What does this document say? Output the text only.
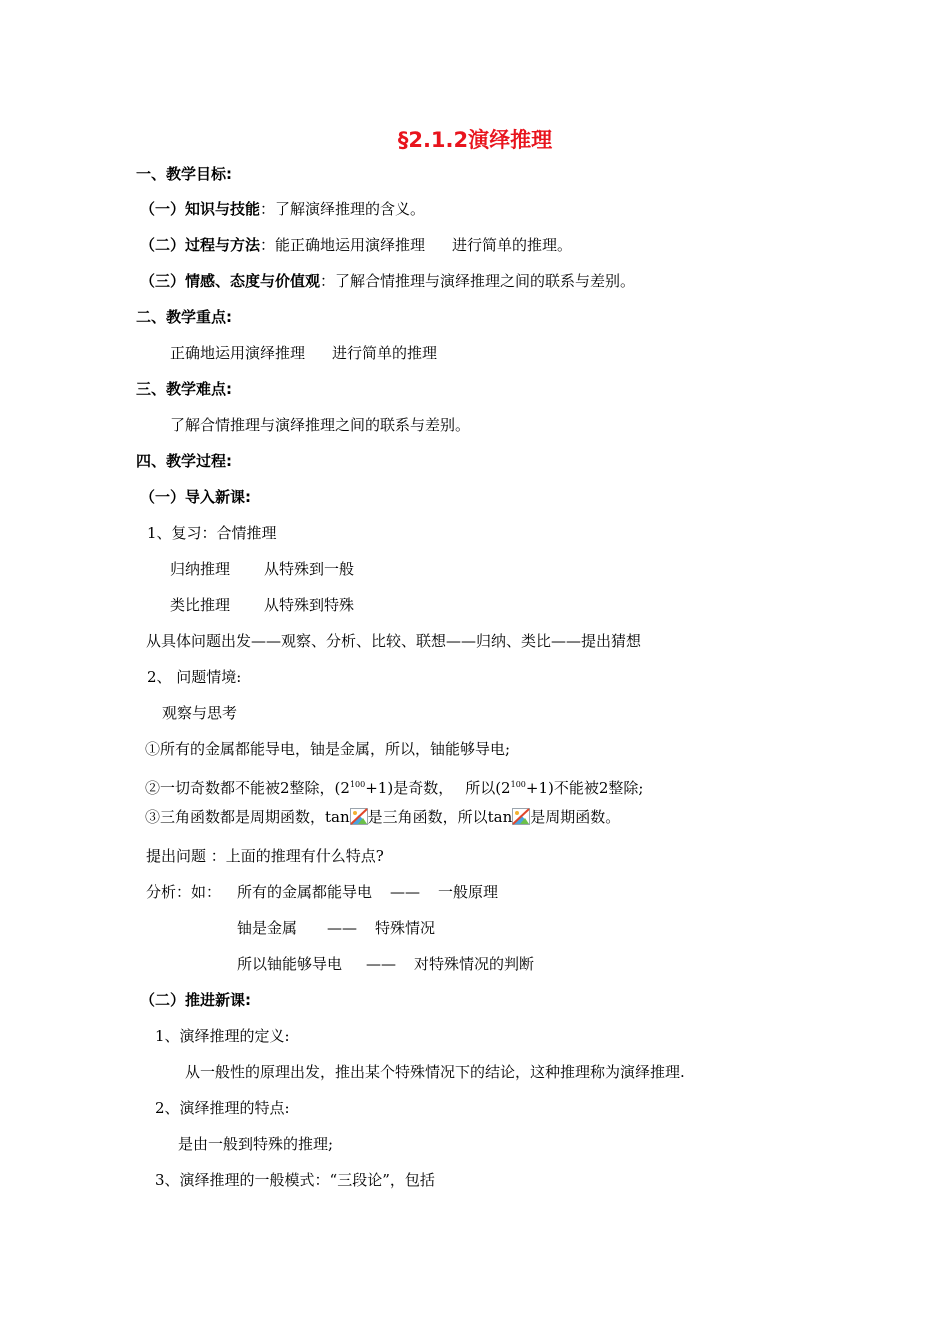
§2.1.2演绎推理
一、教学目标:
（一）知识与技能：了解演绎推理的含义。
（二）过程与方法：能正确地运用演绎推理 进行简单的推理。
（三）情感、态度与价值观：了解合情推理与演绎推理之间的联系与差别。
二、教学重点:
正确地运用演绎推理 进行简单的推理
三、教学难点:
了解合情推理与演绎推理之间的联系与差别。
四、教学过程:
（一）导入新课:
1、复习：合情推理
归纳推理 从特殊到一般
类比推理 从特殊到特殊
从具体问题出发——观察、分析、比较、联想——归纳、类比——提出猜想
2、 问题情境:
观察与思考
①所有的金属都能导电，铀是金属，所以，铀能够导电;
②一切奇数都不能被2整除，$(2^{100}+1)$是奇数， 所以$(2^{100}+1)$不能被2整除;
③三角函数都是周期函数，tan 是三角函数，所以tan 是周期函数。
提出问题 ：上面的推理有什么特点?
分析：如： 所有的金属都能导电 —— 一般原理
铀是金属 —— 特殊情况
所以铀能够导电 —— 对特殊情况的判断
（二）推进新课:
1、演绎推理的定义:
从一般性的原理出发，推出某个特殊情况下的结论，这种推理称为演绎推理.
2、演绎推理的特点:
是由一般到特殊的推理;
3、演绎推理的一般模式：“三段论”，包括
